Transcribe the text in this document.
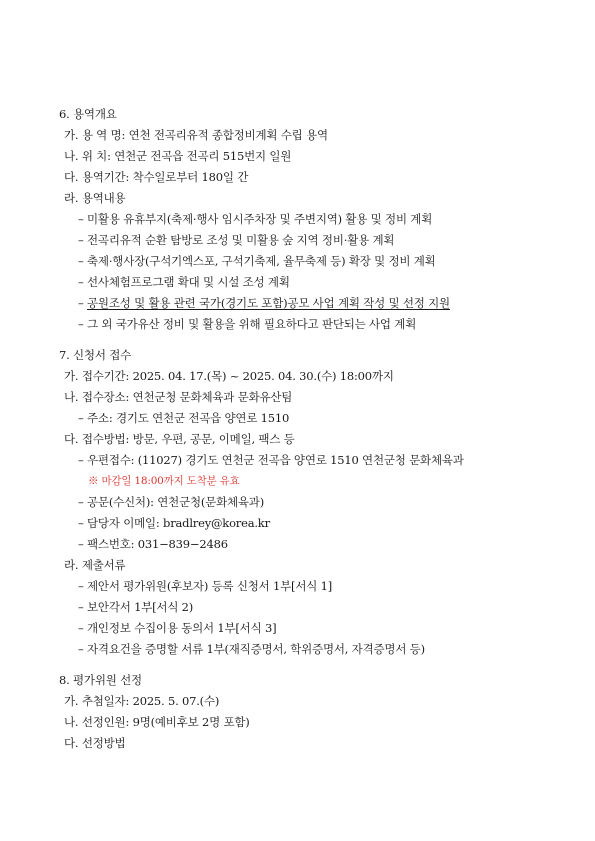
6. 용역개요
가. 용 역 명: 연천 전곡리유적 종합정비계획 수립 용역
나. 위 치: 연천군 전곡읍 전곡리 515번지 일원
다. 용역기간: 착수일로부터 180일 간
라. 용역내용
– 미활용 유휴부지(축제·행사 임시주차장 및 주변지역) 활용 및 정비 계획
– 전곡리유적 순환 탐방로 조성 및 미활용 숲 지역 정비·활용 계획
– 축제·행사장(구석기엑스포, 구석기축제, 율무축제 등) 확장 및 정비 계획
– 선사체험프로그램 확대 및 시설 조성 계획
– 공원조성 및 활용 관련 국가(경기도 포함)공모 사업 계획 작성 및 선정 지원
– 그 외 국가유산 정비 및 활용을 위해 필요하다고 판단되는 사업 계획
7. 신청서 접수
가. 접수기간: 2025. 04. 17.(목) ~ 2025. 04. 30.(수) 18:00까지
나. 접수장소: 연천군청 문화체육과 문화유산팀
– 주소: 경기도 연천군 전곡읍 양연로 1510
다. 접수방법: 방문, 우편, 공문, 이메일, 팩스 등
– 우편접수: (11027) 경기도 연천군 전곡읍 양연로 1510 연천군청 문화체육과
※ 마감일 18:00까지 도착분 유효
– 공문(수신처): 연천군청(문화체육과)
– 담당자 이메일: bradlrey@korea.kr
– 팩스번호: 031−839−2486
라. 제출서류
– 제안서 평가위원(후보자) 등록 신청서 1부[서식 1]
– 보안각서 1부[서식 2)
– 개인정보 수집이용 동의서 1부[서식 3]
– 자격요건을 증명할 서류 1부(재직증명서, 학위증명서, 자격증명서 등)
8. 평가위원 선정
가. 추첨일자: 2025. 5. 07.(수)
나. 선정인원: 9명(예비후보 2명 포함)
다. 선정방법
